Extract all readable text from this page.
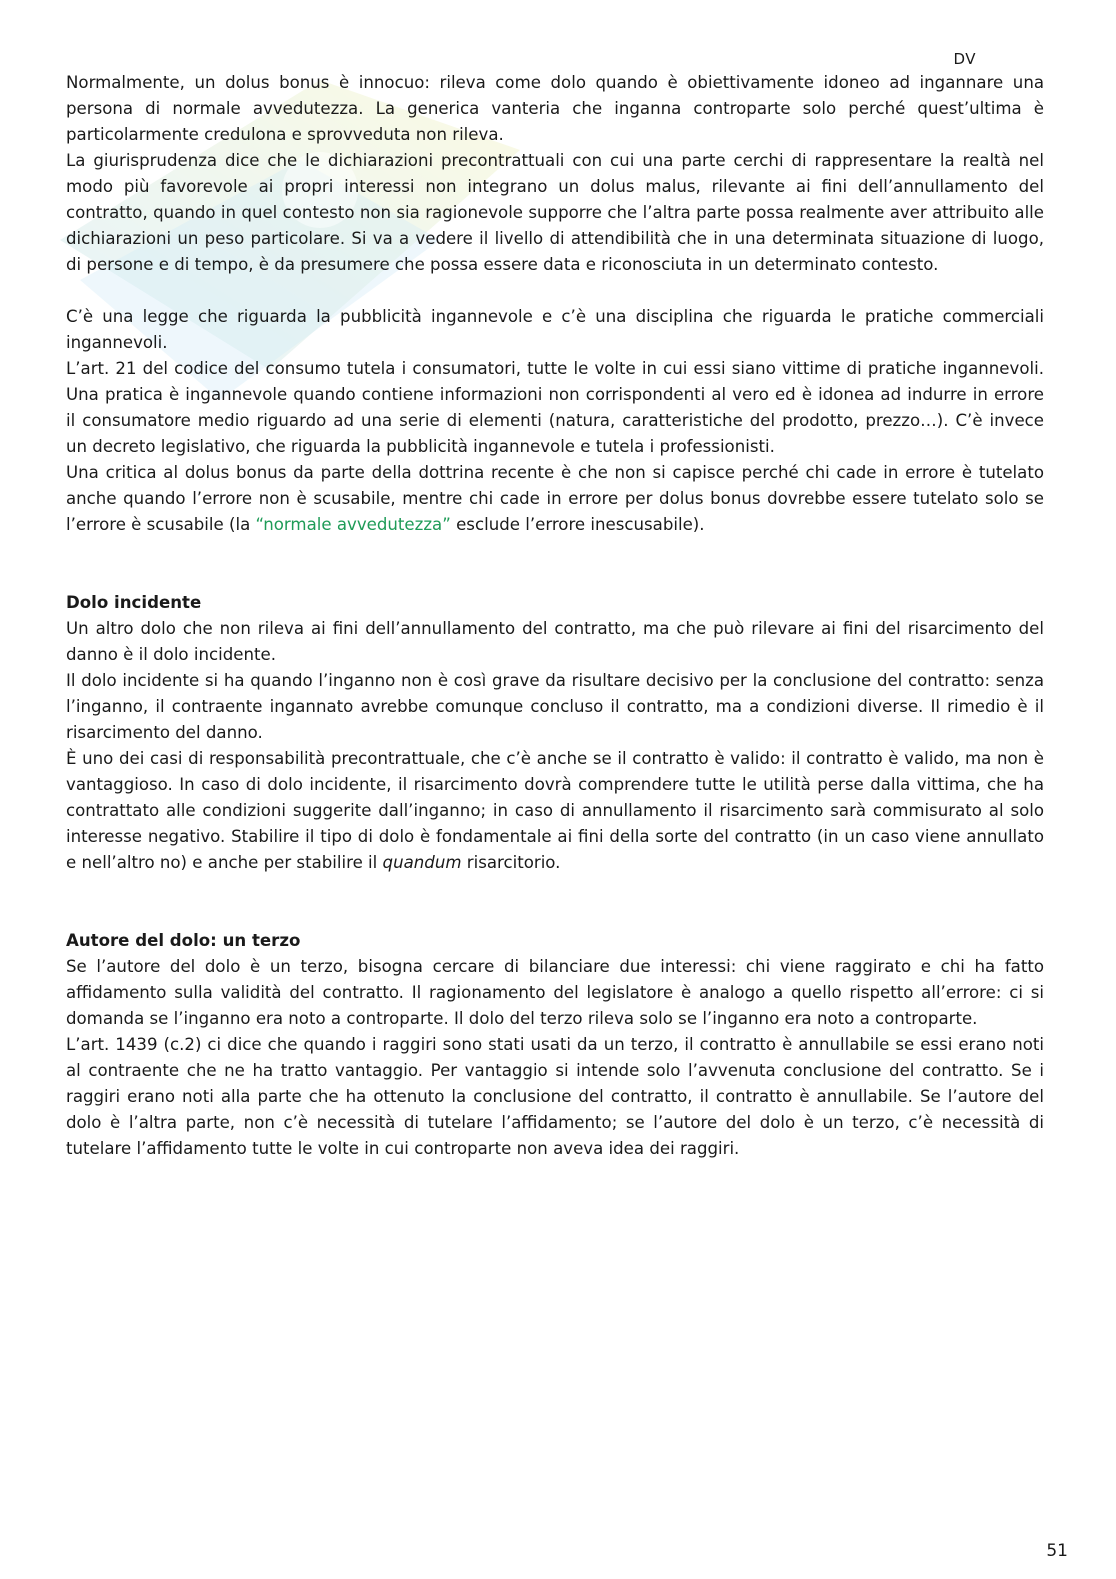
DV

Normalmente, un dolus bonus è innocuo: rileva come dolo quando è obiettivamente idoneo ad ingannare una persona di normale avvedutezza. La generica vanteria che inganna controparte solo perché quest’ultima è particolarmente credulona e sprovveduta non rileva.

La giurisprudenza dice che le dichiarazioni precontrattuali con cui una parte cerchi di rappresentare la realtà nel modo più favorevole ai propri interessi non integrano un dolus malus, rilevante ai fini dell’annullamento del contratto, quando in quel contesto non sia ragionevole supporre che l’altra parte possa realmente aver attribuito alle dichiarazioni un peso particolare. Si va a vedere il livello di attendibilità che in una determinata situazione di luogo, di persone e di tempo, è da presumere che possa essere data e riconosciuta in un determinato contesto.

C’è una legge che riguarda la pubblicità ingannevole e c’è una disciplina che riguarda le pratiche commerciali ingannevoli.

L’art. 21 del codice del consumo tutela i consumatori, tutte le volte in cui essi siano vittime di pratiche ingannevoli. Una pratica è ingannevole quando contiene informazioni non corrispondenti al vero ed è idonea ad indurre in errore il consumatore medio riguardo ad una serie di elementi (natura, caratteristiche del prodotto, prezzo…). C’è invece un decreto legislativo, che riguarda la pubblicità ingannevole e tutela i professionisti.

Una critica al dolus bonus da parte della dottrina recente è che non si capisce perché chi cade in errore è tutelato anche quando l’errore non è scusabile, mentre chi cade in errore per dolus bonus dovrebbe essere tutelato solo se l’errore è scusabile (la “normale avvedutezza” esclude l’errore inescusabile).

Dolo incidente

Un altro dolo che non rileva ai fini dell’annullamento del contratto, ma che può rilevare ai fini del risarcimento del danno è il dolo incidente.

Il dolo incidente si ha quando l’inganno non è così grave da risultare decisivo per la conclusione del contratto: senza l’inganno, il contraente ingannato avrebbe comunque concluso il contratto, ma a condizioni diverse. Il rimedio è il risarcimento del danno.

È uno dei casi di responsabilità precontrattuale, che c’è anche se il contratto è valido: il contratto è valido, ma non è vantaggioso. In caso di dolo incidente, il risarcimento dovrà comprendere tutte le utilità perse dalla vittima, che ha contrattato alle condizioni suggerite dall’inganno; in caso di annullamento il risarcimento sarà commisurato al solo interesse negativo. Stabilire il tipo di dolo è fondamentale ai fini della sorte del contratto (in un caso viene annullato e nell’altro no) e anche per stabilire il quandum risarcitorio.

Autore del dolo: un terzo

Se l’autore del dolo è un terzo, bisogna cercare di bilanciare due interessi: chi viene raggirato e chi ha fatto affidamento sulla validità del contratto. Il ragionamento del legislatore è analogo a quello rispetto all’errore: ci si domanda se l’inganno era noto a controparte. Il dolo del terzo rileva solo se l’inganno era noto a controparte.

L’art. 1439 (c.2) ci dice che quando i raggiri sono stati usati da un terzo, il contratto è annullabile se essi erano noti al contraente che ne ha tratto vantaggio. Per vantaggio si intende solo l’avvenuta conclusione del contratto. Se i raggiri erano noti alla parte che ha ottenuto la conclusione del contratto, il contratto è annullabile. Se l’autore del dolo è l’altra parte, non c’è necessità di tutelare l’affidamento; se l’autore del dolo è un terzo, c’è necessità di tutelare l’affidamento tutte le volte in cui controparte non aveva idea dei raggiri.

51
